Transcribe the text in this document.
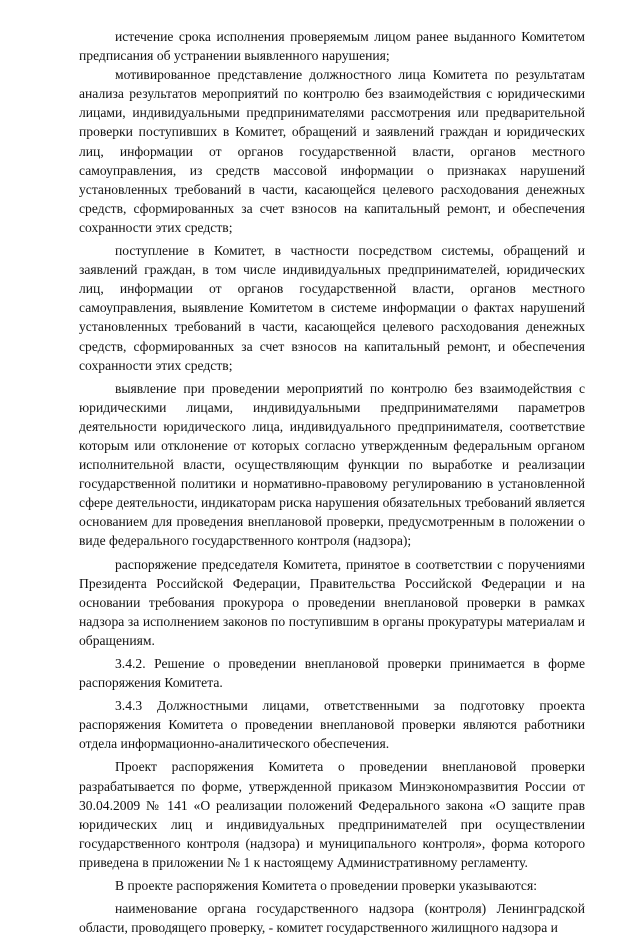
истечение срока исполнения проверяемым лицом ранее выданного Комитетом предписания об устранении выявленного нарушения;

мотивированное представление должностного лица Комитета по результатам анализа результатов мероприятий по контролю без взаимодействия с юридическими лицами, индивидуальными предпринимателями рассмотрения или предварительной проверки поступивших в Комитет, обращений и заявлений граждан и юридических лиц, информации от органов государственной власти, органов местного самоуправления, из средств массовой информации о признаках нарушений установленных требований в части, касающейся целевого расходования денежных средств, сформированных за счет взносов на капитальный ремонт, и обеспечения сохранности этих средств;

поступление в Комитет, в частности посредством системы, обращений и заявлений граждан, в том числе индивидуальных предпринимателей, юридических лиц, информации от органов государственной власти, органов местного самоуправления, выявление Комитетом в системе информации о фактах нарушений установленных требований в части, касающейся целевого расходования денежных средств, сформированных за счет взносов на капитальный ремонт, и обеспечения сохранности этих средств;

выявление при проведении мероприятий по контролю без взаимодействия с юридическими лицами, индивидуальными предпринимателями параметров деятельности юридического лица, индивидуального предпринимателя, соответствие которым или отклонение от которых согласно утвержденным федеральным органом исполнительной власти, осуществляющим функции по выработке и реализации государственной политики и нормативно-правовому регулированию в установленной сфере деятельности, индикаторам риска нарушения обязательных требований является основанием для проведения внеплановой проверки, предусмотренным в положении о виде федерального государственного контроля (надзора);

распоряжение председателя Комитета, принятое в соответствии с поручениями Президента Российской Федерации, Правительства Российской Федерации и на основании требования прокурора о проведении внеплановой проверки в рамках надзора за исполнением законов по поступившим в органы прокуратуры материалам и обращениям.

3.4.2. Решение о проведении внеплановой проверки принимается в форме распоряжения Комитета.

3.4.3 Должностными лицами, ответственными за подготовку проекта распоряжения Комитета о проведении внеплановой проверки являются работники отдела информационно-аналитического обеспечения.

Проект распоряжения Комитета о проведении внеплановой проверки разрабатывается по форме, утвержденной приказом Минэкономразвития России от 30.04.2009 № 141 «О реализации положений Федерального закона «О защите прав юридических лиц и индивидуальных предпринимателей при осуществлении государственного контроля (надзора) и муниципального контроля», форма которого приведена в приложении № 1 к настоящему Административному регламенту.

В проекте распоряжения Комитета о проведении проверки указываются:

наименование органа государственного надзора (контроля) Ленинградской области, проводящего проверку, - комитет государственного жилищного надзора и
